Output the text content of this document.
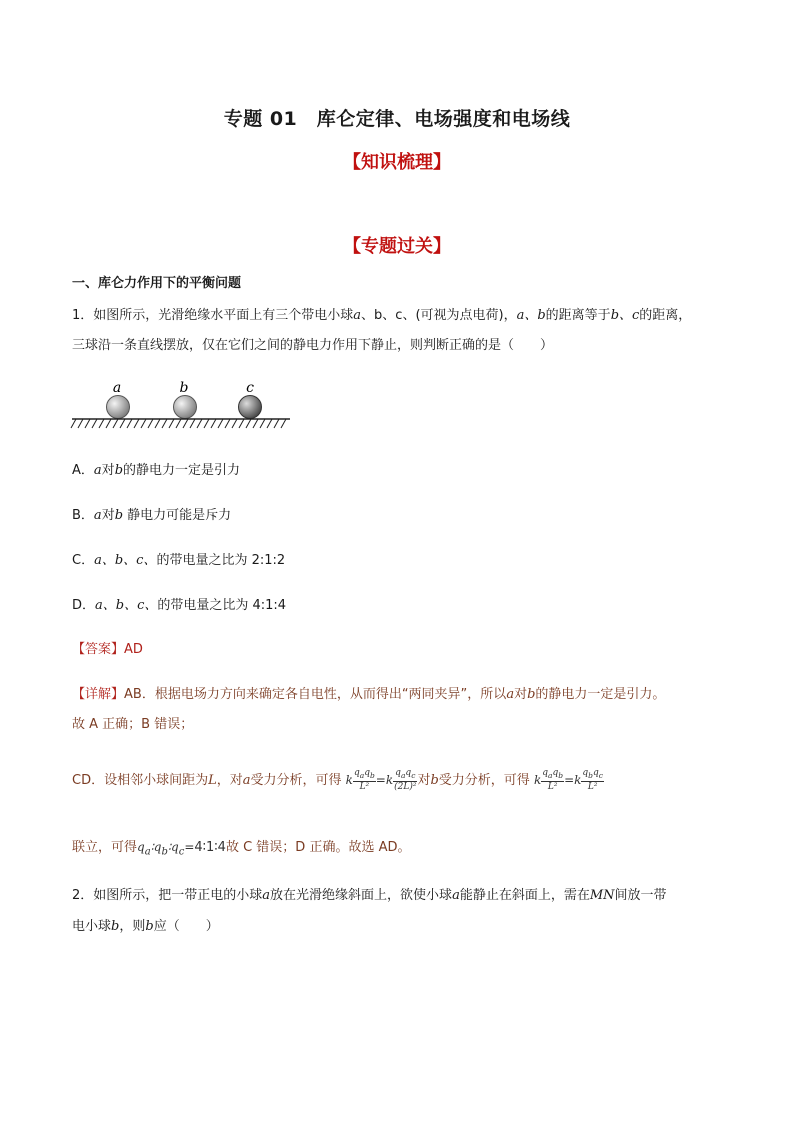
专题 01　库仑定律、电场强度和电场线
【知识梳理】
【专题过关】
一、库仑力作用下的平衡问题
1．如图所示，光滑绝缘水平面上有三个带电小球a、b、c、(可视为点电荷)，a、b的距离等于b、c的距离，
三球沿一条直线摆放，仅在它们之间的静电力作用下静止，则判断正确的是（　　）
a	b	c
A．a对b的静电力一定是引力
B．a对b 静电力可能是斥力
C．a、b、c、的带电量之比为 2:1:2
D．a、b、c、的带电量之比为 4:1:4
【答案】AD
【详解】AB．根据电场力方向来确定各自电性，从而得出“两同夹异”，所以a对b的静电力一定是引力。
故 A 正确；B 错误；
CD．设相邻小球间距为L，对a受力分析，可得 k $\frac{q_aq_b}{\text{L²}} =k \frac{q_aq_c}{\text{(2L)²}}$ 对b受力分析，可得 k $\frac{q_aq_b}{\text{L²}} =k \frac{q_bq_c}{\text{L²}}$
联立，可得$q_a∶q_b∶q_c=4∶1∶4$故 C 错误；D 正确。故选 AD。
2．如图所示，把一带正电的小球a放在光滑绝缘斜面上，欲使小球a能静止在斜面上，需在MN间放一带
电小球b，则b应（　　）
